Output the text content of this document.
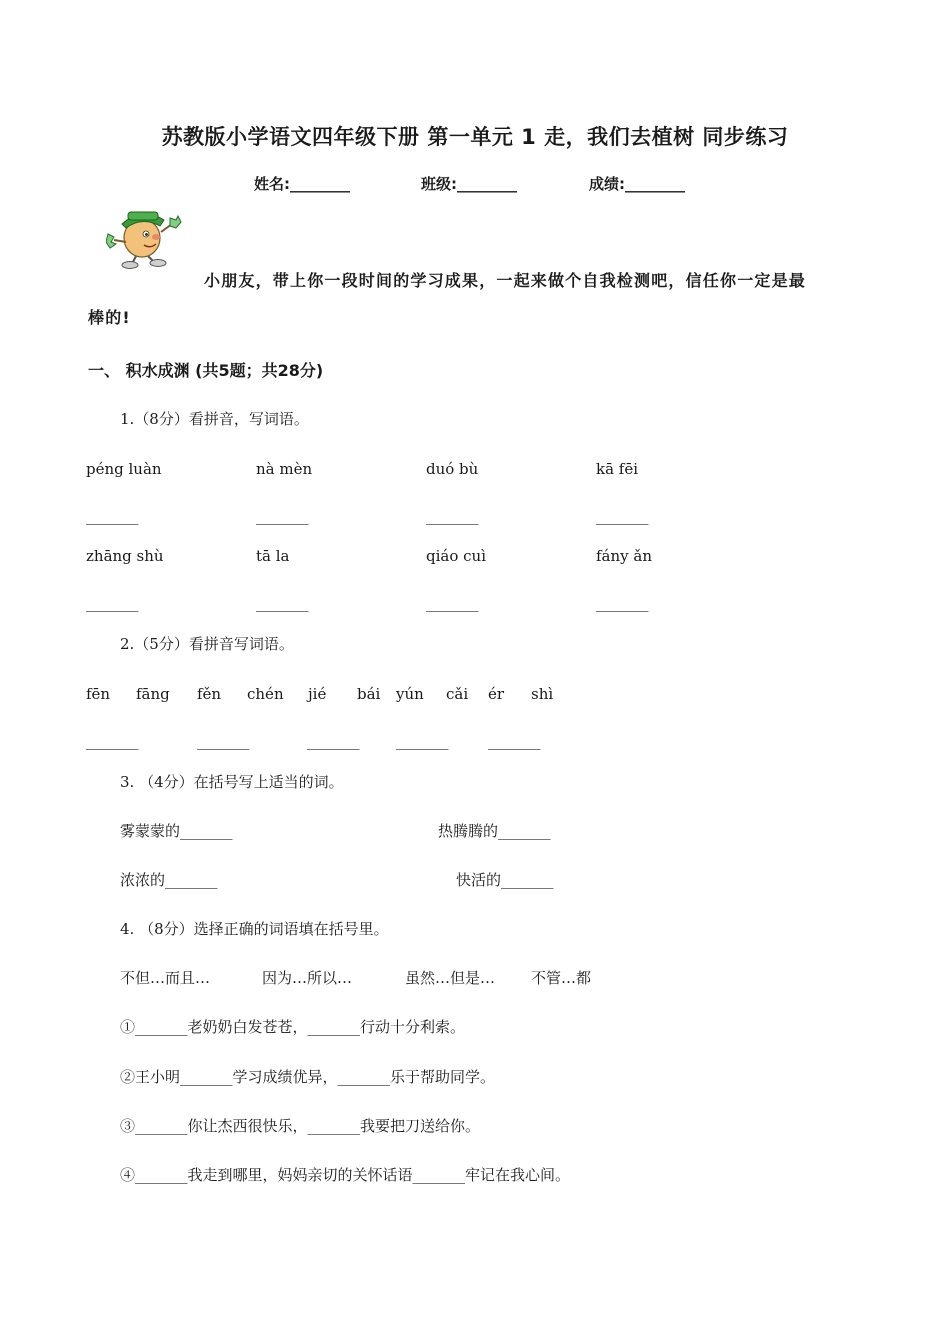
苏教版小学语文四年级下册 第一单元 1 走，我们去植树 同步练习
姓名:________	班级:________	成绩:________
小朋友，带上你一段时间的学习成果，一起来做个自我检测吧，信任你一定是最
棒的!
一、 积水成渊 (共5题；共28分)
1.（8分）看拼音，写词语。
péng luàn	nà mèn	duó bù	kā fēi
_______	_______	_______	_______
zhāng shù	tā la	qiáo cuì	fány ǎn
_______	_______	_______	_______
2.（5分）看拼音写词语。
fēn fāng fěn chén jié bái yún cǎi ér shì
_______	_______	_______ _______	_______
3. （4分）在括号写上适当的词。
雾蒙蒙的_______	热腾腾的_______
浓浓的_______	快活的_______
4. （8分）选择正确的词语填在括号里。
不但…而且…	因为…所以…	虽然…但是… 不管…都
①_______老奶奶白发苍苍，_______行动十分利索。
②王小明_______学习成绩优异，_______乐于帮助同学。
③_______你让杰西很快乐，_______我要把刀送给你。
④_______我走到哪里，妈妈亲切的关怀话语_______牢记在我心间。
